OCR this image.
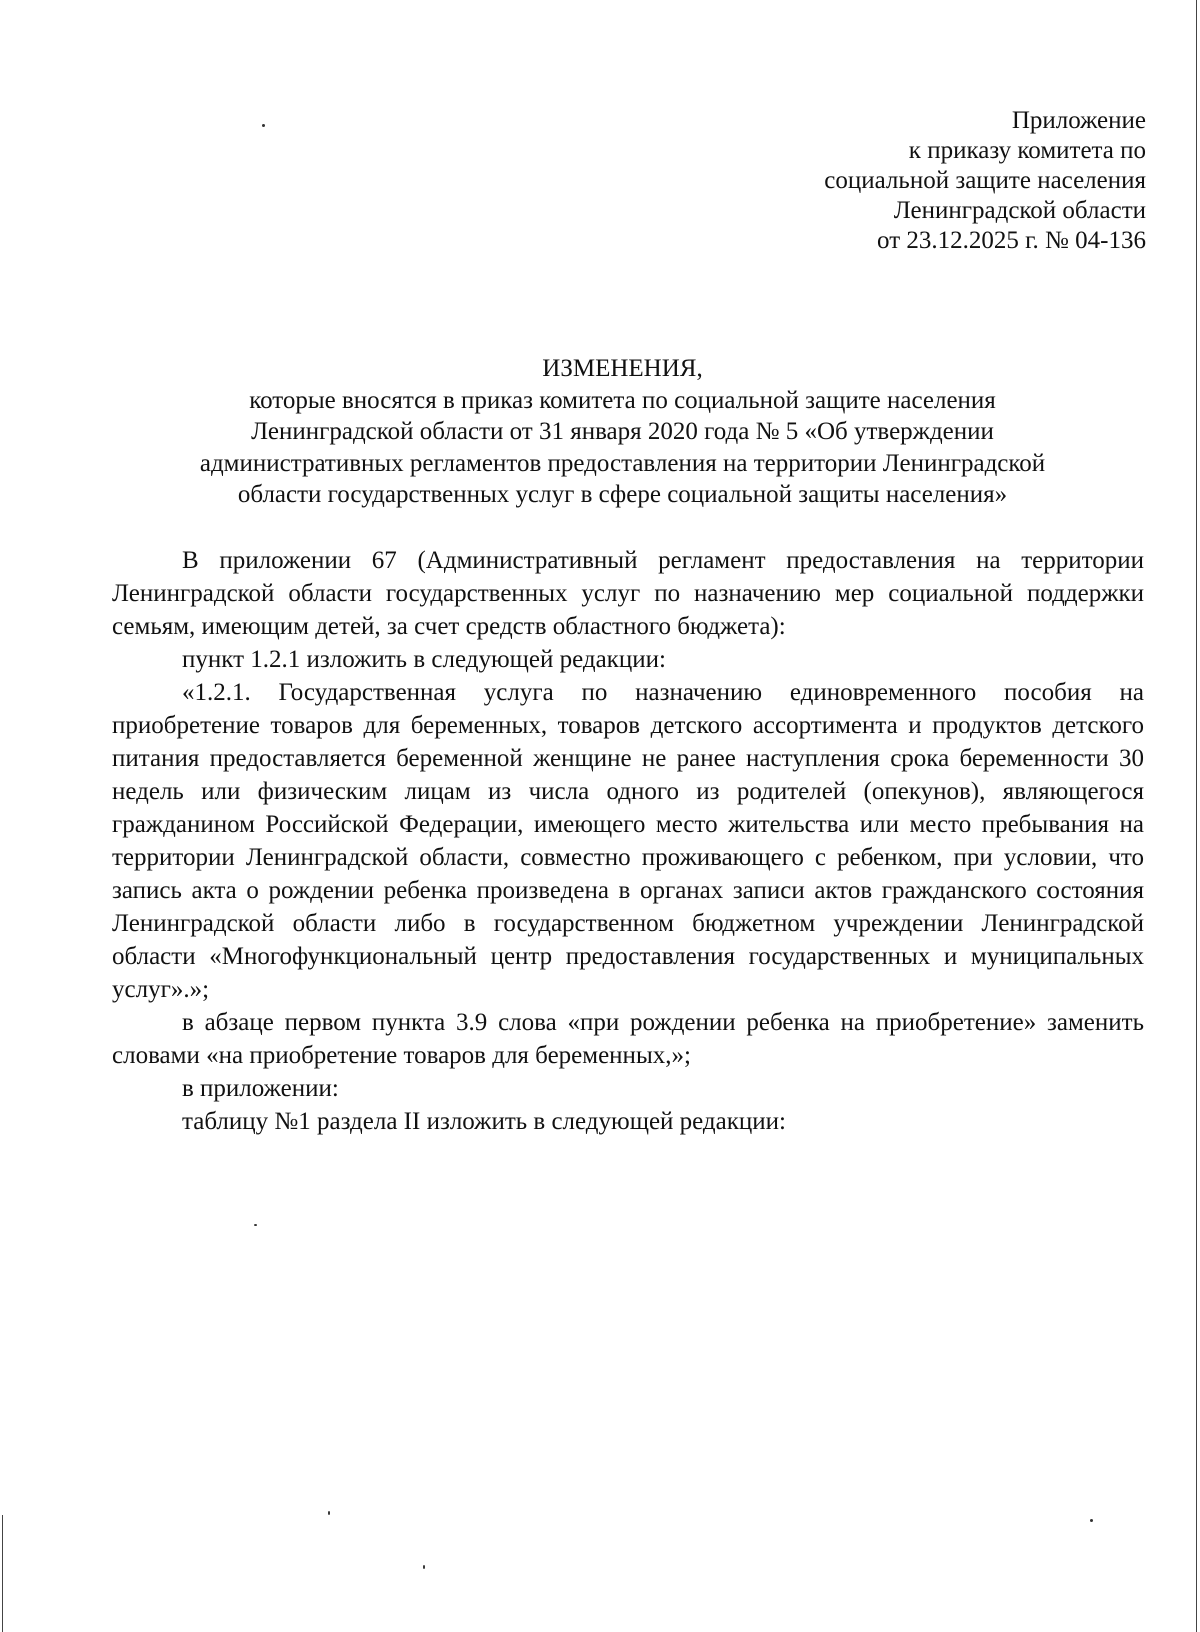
Приложение
к приказу комитета по
социальной защите населения
Ленинградской области
от 23.12.2025 г. № 04-136
ИЗМЕНЕНИЯ,
которые вносятся в приказ комитета по социальной защите населения
Ленинградской области от 31 января 2020 года № 5 «Об утверждении
административных регламентов предоставления на территории Ленинградской
области государственных услуг в сфере социальной защиты населения»

В приложении 67 (Административный регламент предоставления на территории Ленинградской области государственных услуг по назначению мер социальной поддержки семьям, имеющим детей, за счет средств областного бюджета):

пункт 1.2.1 изложить в следующей редакции:

«1.2.1. Государственная услуга по назначению единовременного пособия на приобретение товаров для беременных, товаров детского ассортимента и продуктов детского питания предоставляется беременной женщине не ранее наступления срока беременности 30 недель или физическим лицам из числа одного из родителей (опекунов), являющегося гражданином Российской Федерации, имеющего место жительства или место пребывания на территории Ленинградской области, совместно проживающего с ребенком, при условии, что запись акта о рождении ребенка произведена в органах записи актов гражданского состояния Ленинградской области либо в государственном бюджетном учреждении Ленинградской области «Многофункциональный центр предоставления государственных и муниципальных услуг».»;

в абзаце первом пункта 3.9 слова «при рождении ребенка на приобретение» заменить словами «на приобретение товаров для беременных,»;

в приложении:

таблицу №1 раздела II изложить в следующей редакции:
